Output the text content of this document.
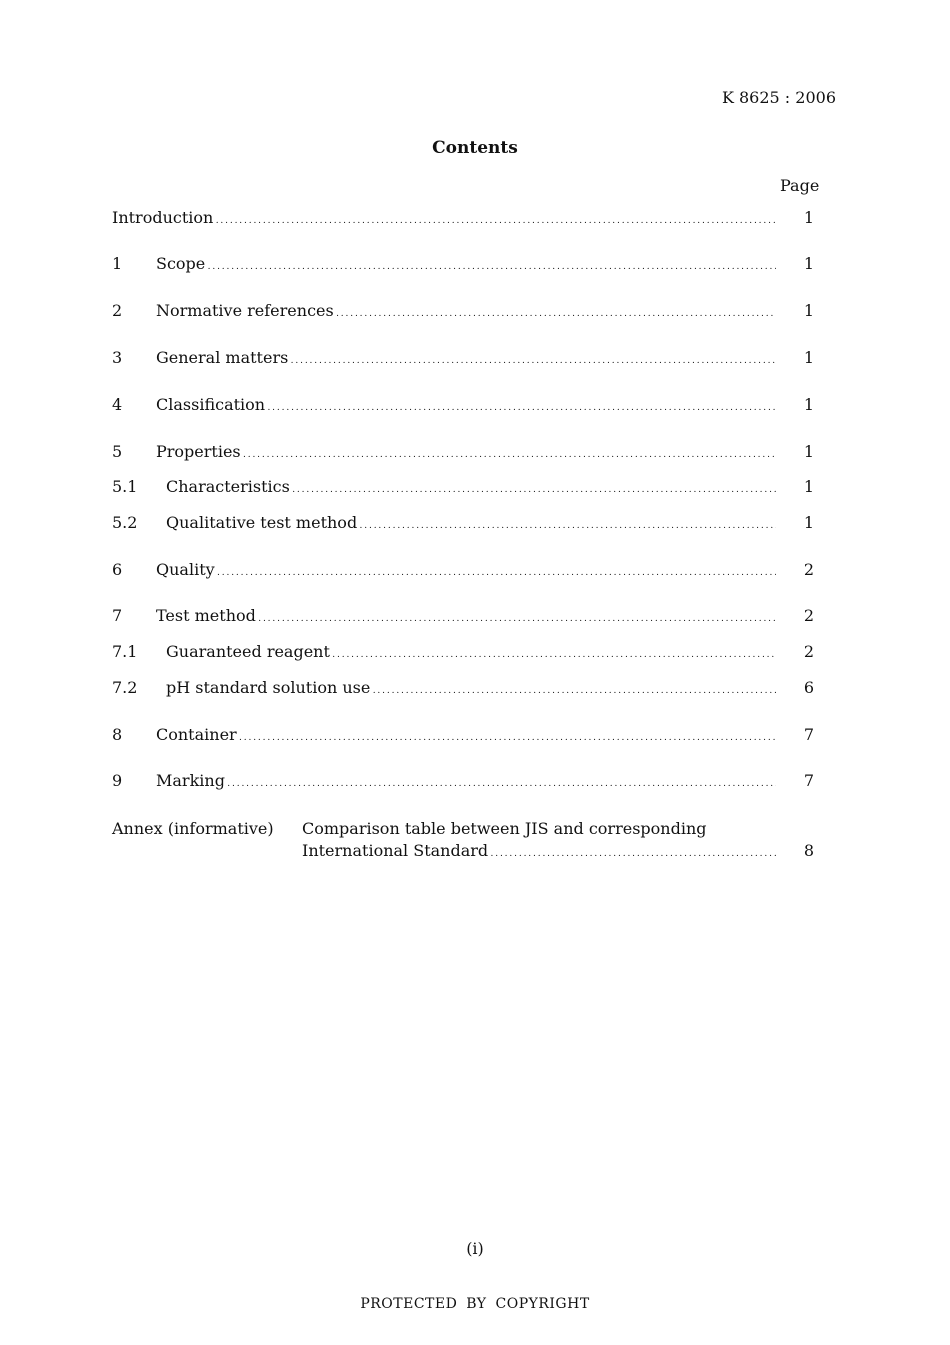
K 8625 : 2006
Contents
Page
Introduction . . .	1
1 Scope . . .	1
2 Normative references . . .	1
3 General matters . . .	1
4 Classification . . .	1
5 Properties . . .	1
5.1 Characteristics . . .	1
5.2 Qualitative test method . . .	1
6 Quality . . .	2
7 Test method . . .	2
7.1 Guaranteed reagent . . .	2
7.2 pH standard solution use . . .	6
8 Container . . .	7
9 Marking . . .	7
Annex (informative) Comparison table between JIS and corresponding
International Standard . . .	8
(i)
PROTECTED BY COPYRIGHT
